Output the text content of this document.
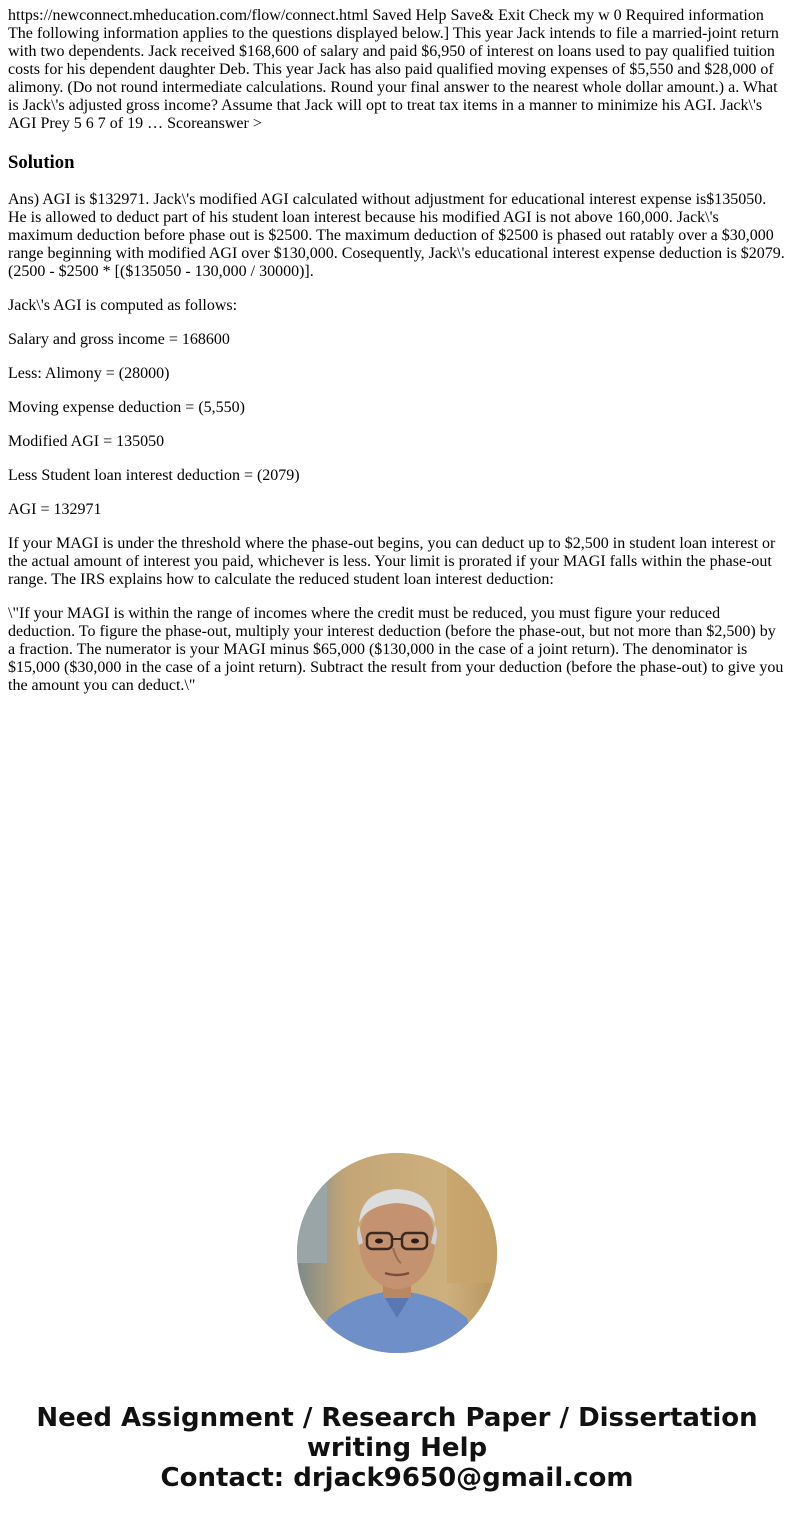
https://newconnect.mheducation.com/flow/connect.html Saved Help Save& Exit Check my w 0 Required information The following information applies to the questions displayed below.] This year Jack intends to file a married-joint return with two dependents. Jack received $168,600 of salary and paid $6,950 of interest on loans used to pay qualified tuition costs for his dependent daughter Deb. This year Jack has also paid qualified moving expenses of $5,550 and $28,000 of alimony. (Do not round intermediate calculations. Round your final answer to the nearest whole dollar amount.) a. What is Jack\'s adjusted gross income? Assume that Jack will opt to treat tax items in a manner to minimize his AGI. Jack\'s AGI Prey 5 6 7 of 19 … Scoreanswer >

Solution

Ans) AGI is $132971. Jack\'s modified AGI calculated without adjustment for educational interest expense is$135050. He is allowed to deduct part of his student loan interest because his modified AGI is not above 160,000. Jack\'s maximum deduction before phase out is $2500. The maximum deduction of $2500 is phased out ratably over a $30,000 range beginning with modified AGI over $130,000. Cosequently, Jack\'s educational interest expense deduction is $2079. (2500 - $2500 * [($135050 - 130,000 / 30000)].

Jack\'s AGI is computed as follows:

Salary and gross income = 168600

Less: Alimony = (28000)

Moving expense deduction = (5,550)

Modified AGI = 135050

Less Student loan interest deduction = (2079)

AGI = 132971

If your MAGI is under the threshold where the phase-out begins, you can deduct up to $2,500 in student loan interest or the actual amount of interest you paid, whichever is less. Your limit is prorated if your MAGI falls within the phase-out range. The IRS explains how to calculate the reduced student loan interest deduction:

\"If your MAGI is within the range of incomes where the credit must be reduced, you must figure your reduced deduction. To figure the phase-out, multiply your interest deduction (before the phase-out, but not more than $2,500) by a fraction. The numerator is your MAGI minus $65,000 ($130,000 in the case of a joint return). The denominator is $15,000 ($30,000 in the case of a joint return). Subtract the result from your deduction (before the phase-out) to give you the amount you can deduct.\"

Need Assignment / Research Paper / Dissertation
writing Help
Contact: drjack9650@gmail.com
